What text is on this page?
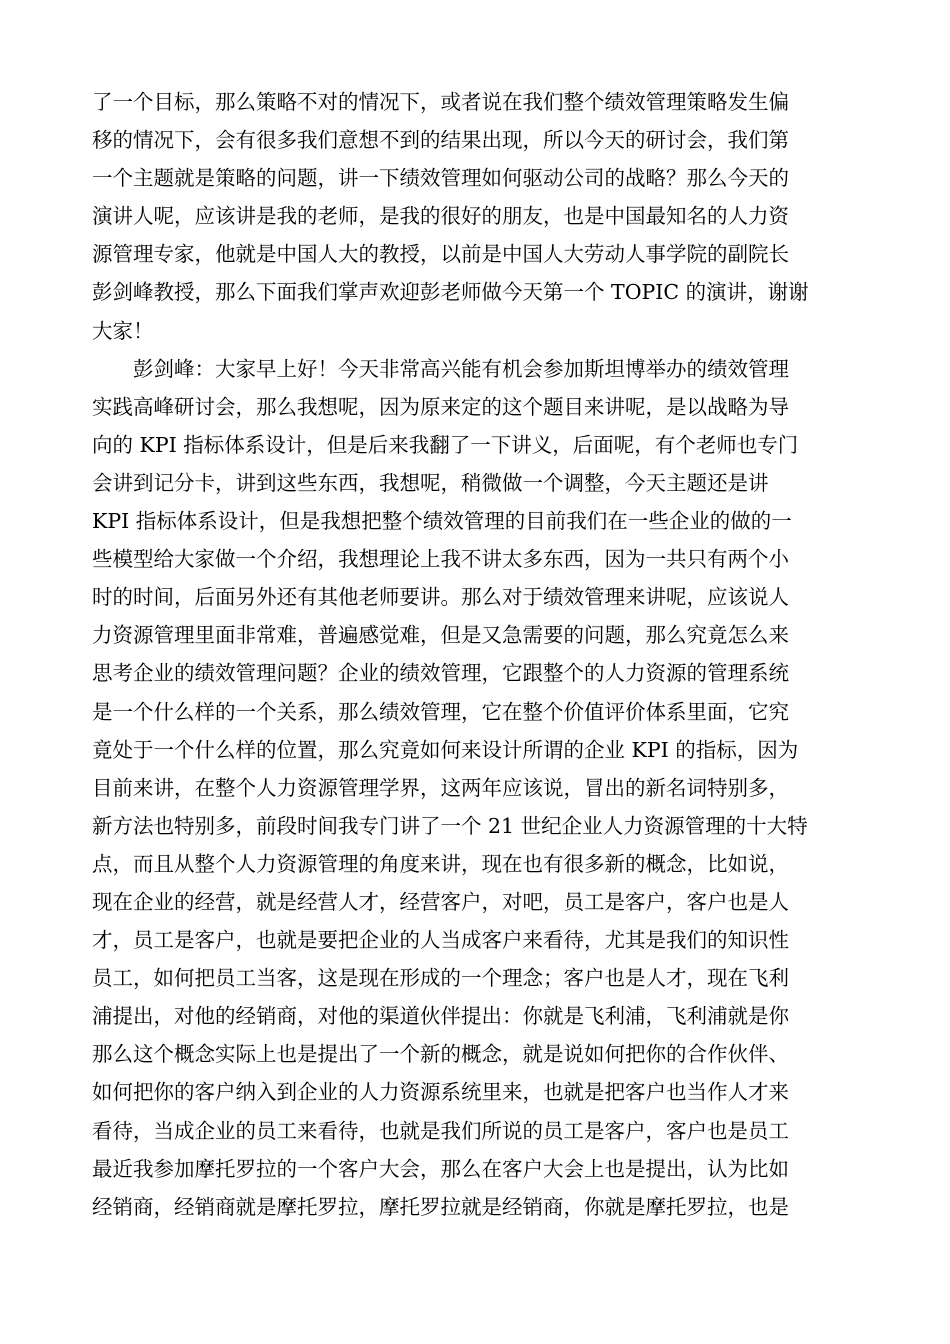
了一个目标，那么策略不对的情况下，或者说在我们整个绩效管理策略发生偏
移的情况下，会有很多我们意想不到的结果出现，所以今天的研讨会，我们第
一个主题就是策略的问题，讲一下绩效管理如何驱动公司的战略？那么今天的
演讲人呢，应该讲是我的老师，是我的很好的朋友，也是中国最知名的人力资
源管理专家，他就是中国人大的教授，以前是中国人大劳动人事学院的副院长
彭剑峰教授，那么下面我们掌声欢迎彭老师做今天第一个 TOPIC 的演讲，谢谢
大家！
彭剑峰：大家早上好！今天非常高兴能有机会参加斯坦博举办的绩效管理
实践高峰研讨会，那么我想呢，因为原来定的这个题目来讲呢，是以战略为导
向的 KPI 指标体系设计，但是后来我翻了一下讲义，后面呢，有个老师也专门
会讲到记分卡，讲到这些东西，我想呢，稍微做一个调整，今天主题还是讲
KPI 指标体系设计，但是我想把整个绩效管理的目前我们在一些企业的做的一
些模型给大家做一个介绍，我想理论上我不讲太多东西，因为一共只有两个小
时的时间，后面另外还有其他老师要讲。那么对于绩效管理来讲呢，应该说人
力资源管理里面非常难，普遍感觉难，但是又急需要的问题，那么究竟怎么来
思考企业的绩效管理问题？企业的绩效管理，它跟整个的人力资源的管理系统
是一个什么样的一个关系，那么绩效管理，它在整个价值评价体系里面，它究
竟处于一个什么样的位置，那么究竟如何来设计所谓的企业 KPI 的指标，因为
目前来讲，在整个人力资源管理学界，这两年应该说，冒出的新名词特别多，
新方法也特别多，前段时间我专门讲了一个 21 世纪企业人力资源管理的十大特
点，而且从整个人力资源管理的角度来讲，现在也有很多新的概念，比如说，
现在企业的经营，就是经营人才，经营客户，对吧，员工是客户，客户也是人
才，员工是客户，也就是要把企业的人当成客户来看待，尤其是我们的知识性
员工，如何把员工当客，这是现在形成的一个理念；客户也是人才，现在飞利
浦提出，对他的经销商，对他的渠道伙伴提出：你就是飞利浦，飞利浦就是你
那么这个概念实际上也是提出了一个新的概念，就是说如何把你的合作伙伴、
如何把你的客户纳入到企业的人力资源系统里来，也就是把客户也当作人才来
看待，当成企业的员工来看待，也就是我们所说的员工是客户，客户也是员工
最近我参加摩托罗拉的一个客户大会，那么在客户大会上也是提出，认为比如
经销商，经销商就是摩托罗拉，摩托罗拉就是经销商，你就是摩托罗拉，也是
